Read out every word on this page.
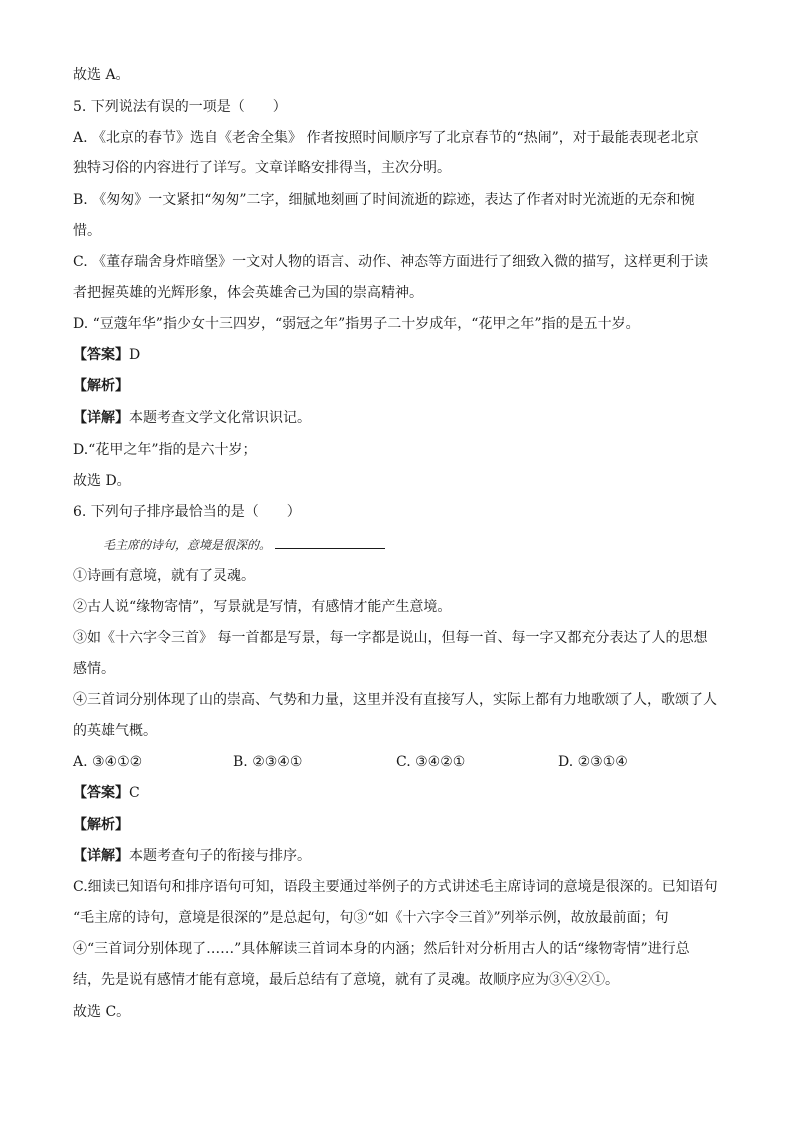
故选 A。
5. 下列说法有误的一项是（　　）
A. 《北京的春节》选自《老舍全集》 作者按照时间顺序写了北京春节的“热闹”，对于最能表现老北京
独特习俗的内容进行了详写。文章详略安排得当，主次分明。
B. 《匆匆》一文紧扣“匆匆”二字，细腻地刻画了时间流逝的踪迹，表达了作者对时光流逝的无奈和惋
惜。
C. 《董存瑞舍身炸暗堡》一文对人物的语言、动作、神态等方面进行了细致入微的描写，这样更利于读
者把握英雄的光辉形象，体会英雄舍己为国的崇高精神。
D. “豆蔻年华”指少女十三四岁，“弱冠之年”指男子二十岁成年，“花甲之年”指的是五十岁。
【答案】D
【解析】
【详解】本题考查文学文化常识识记。
D.“花甲之年”指的是六十岁；
故选 D。
6. 下列句子排序最恰当的是（　　）
毛主席的诗句，意境是很深的。
①诗画有意境，就有了灵魂。
②古人说“缘物寄情”，写景就是写情，有感情才能产生意境。
③如《十六字令三首》 每一首都是写景，每一字都是说山，但每一首、每一字又都充分表达了人的思想
感情。
④三首词分别体现了山的崇高、气势和力量，这里并没有直接写人，实际上都有力地歌颂了人，歌颂了人
的英雄气概。
A. ③④①②	B. ②③④①	C. ③④②①	D. ②③①④
【答案】C
【解析】
【详解】本题考查句子的衔接与排序。
C.细读已知语句和排序语句可知，语段主要通过举例子的方式讲述毛主席诗词的意境是很深的。已知语句
“毛主席的诗句，意境是很深的”是总起句，句③“如《十六字令三首》”列举示例，故放最前面；句
④“三首词分别体现了……”具体解读三首词本身的内涵；然后针对分析用古人的话“缘物寄情”进行总
结，先是说有感情才能有意境，最后总结有了意境，就有了灵魂。故顺序应为③④②①。
故选 C。
